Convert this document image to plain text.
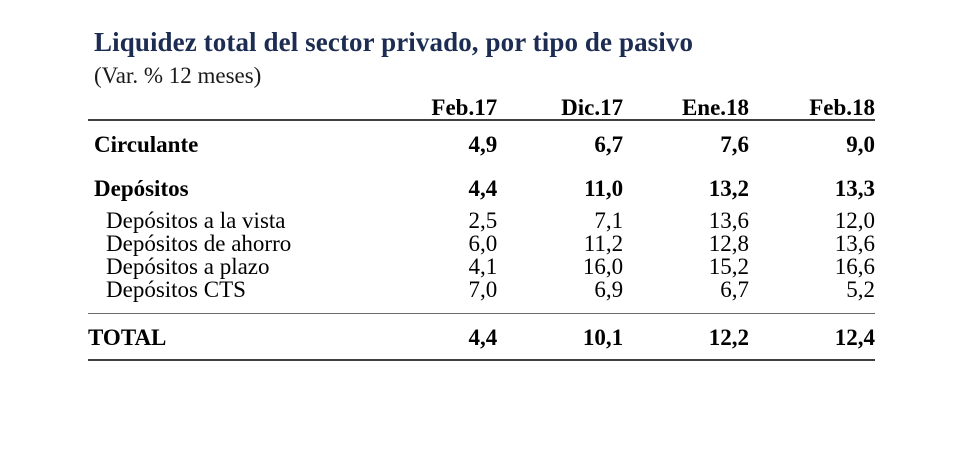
Liquidez total del sector privado, por tipo de pasivo
(Var. % 12 meses)
	Feb.17	Dic.17	Ene.18	Feb.18
Circulante	4,9	6,7	7,6	9,0
Depósitos	4,4	11,0	13,2	13,3
Depósitos a la vista	2,5	7,1	13,6	12,0
Depósitos de ahorro	6,0	11,2	12,8	13,6
Depósitos a plazo	4,1	16,0	15,2	16,6
Depósitos CTS	7,0	6,9	6,7	5,2
TOTAL	4,4	10,1	12,2	12,4
